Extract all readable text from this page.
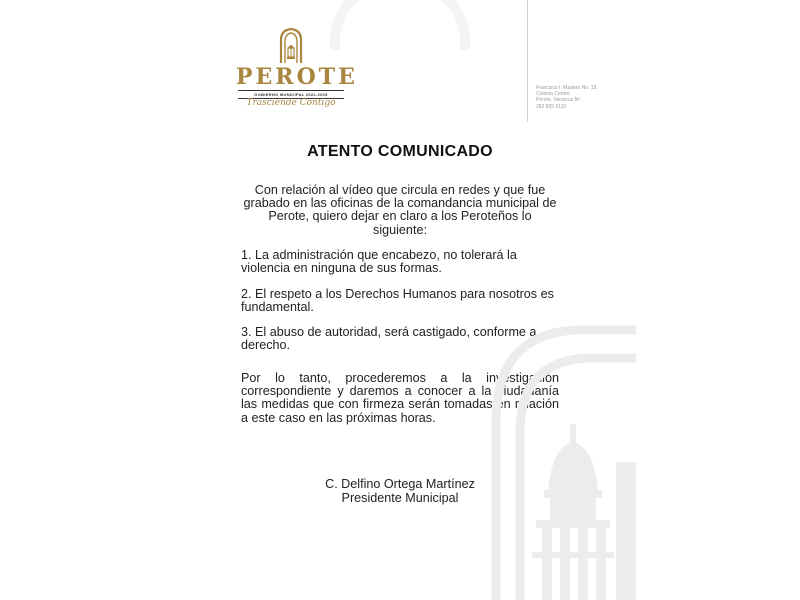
PEROTE
GOBIERNO MUNICIPAL 2022-2025
Trasciende Contigo
Francisco I. Madero No. 19,
Colonia Centro
Perote, Veracruz Nº.
282 825 0110
ATENTO COMUNICADO
Con relación al vídeo que circula en redes y que fue grabado en las oficinas de la comandancia municipal de Perote, quiero dejar en claro a los Peroteños lo siguiente:
1. La administración que encabezo, no tolerará la violencia en ninguna de sus formas.
2. El respeto a los Derechos Humanos para nosotros es fundamental.
3. El abuso de autoridad, será castigado, conforme a derecho.
Por lo tanto, procederemos a la investigación correspondiente y daremos a conocer a la ciudadanía las medidas que con firmeza serán tomadas en relación a este caso en las próximas horas.
C. Delfino Ortega Martínez
Presidente Municipal
